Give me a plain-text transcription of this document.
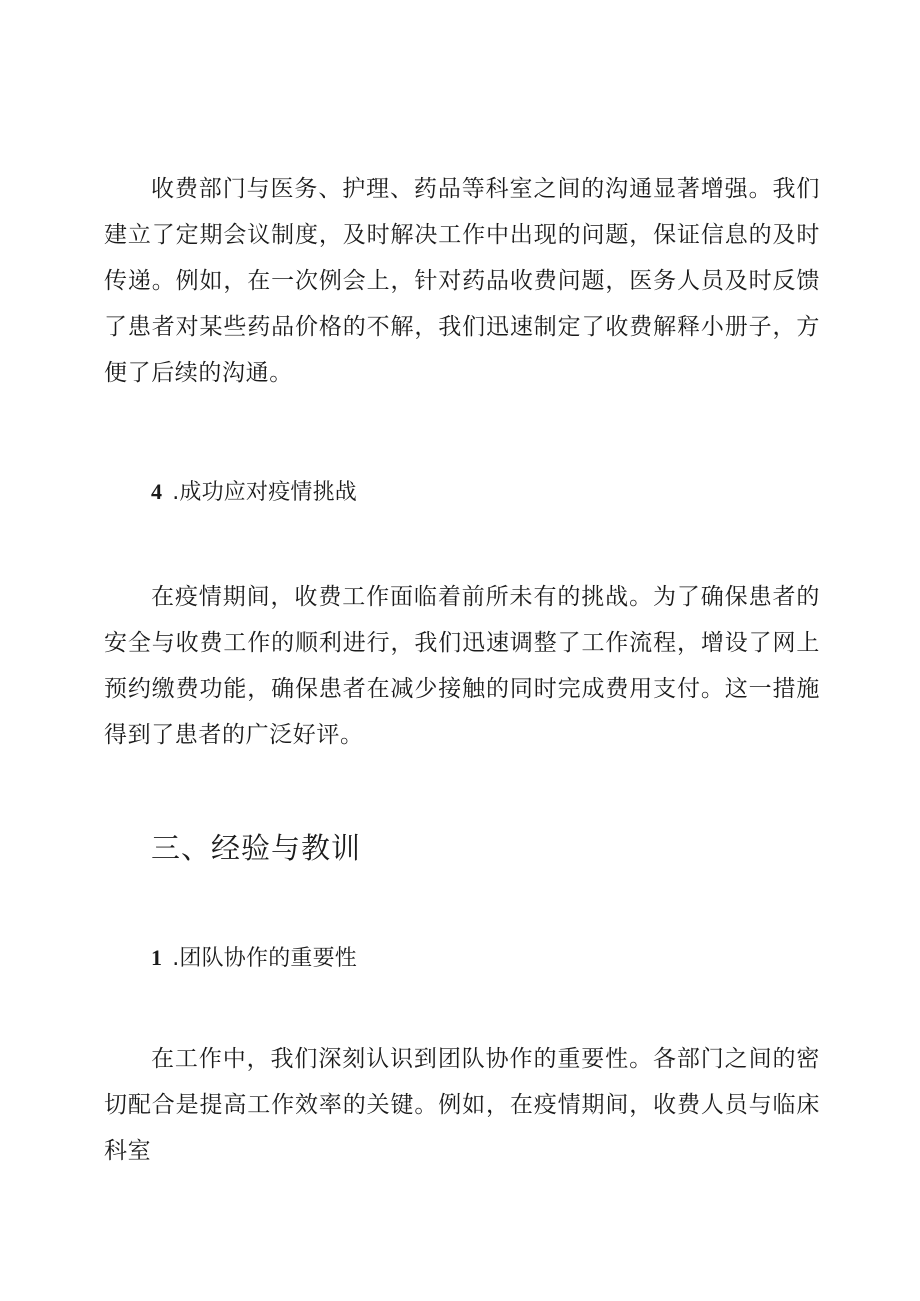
收费部门与医务、护理、药品等科室之间的沟通显著增强。我们建立了定期会议制度，及时解决工作中出现的问题，保证信息的及时传递。例如，在一次例会上，针对药品收费问题，医务人员及时反馈了患者对某些药品价格的不解，我们迅速制定了收费解释小册子，方便了后续的沟通。

4 .成功应对疫情挑战

在疫情期间，收费工作面临着前所未有的挑战。为了确保患者的安全与收费工作的顺利进行，我们迅速调整了工作流程，增设了网上预约缴费功能，确保患者在减少接触的同时完成费用支付。这一措施得到了患者的广泛好评。

三、经验与教训
1 .团队协作的重要性

在工作中，我们深刻认识到团队协作的重要性。各部门之间的密切配合是提高工作效率的关键。例如，在疫情期间，收费人员与临床科室
